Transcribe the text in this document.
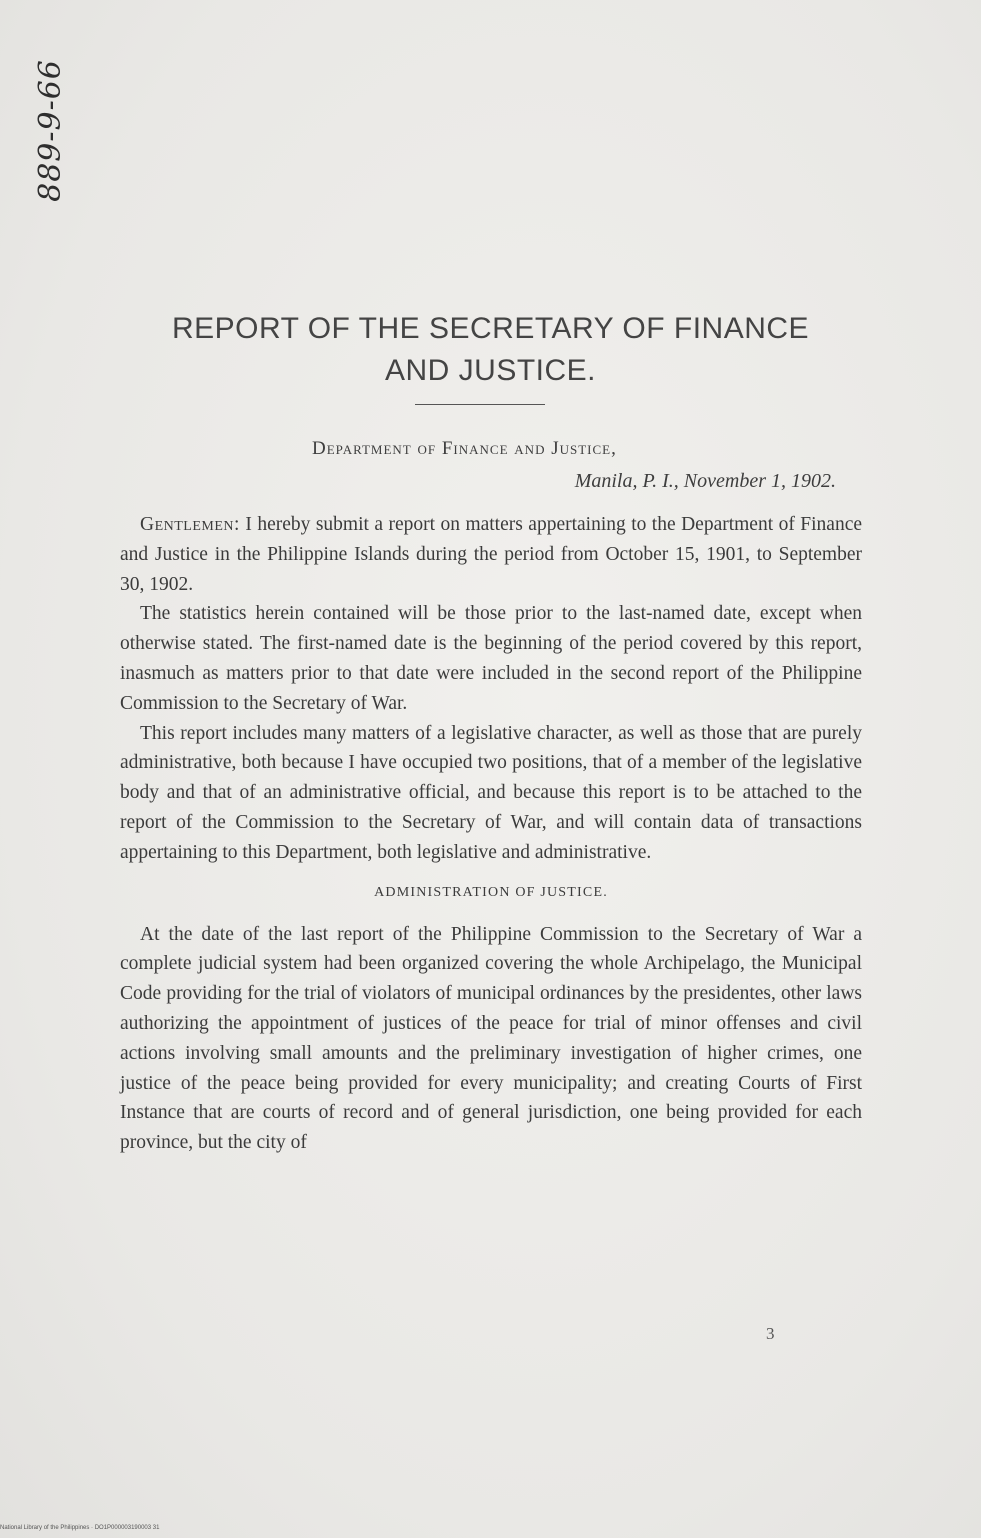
889-9-66
REPORT OF THE SECRETARY OF FINANCE
AND JUSTICE.
Department of Finance and Justice,
Manila, P. I., November 1, 1902.

Gentlemen: I hereby submit a report on matters appertaining to the Department of Finance and Justice in the Philippine Islands during the period from October 15, 1901, to September 30, 1902.

The statistics herein contained will be those prior to the last-named date, except when otherwise stated. The first-named date is the beginning of the period covered by this report, inasmuch as matters prior to that date were included in the second report of the Philippine Commission to the Secretary of War.

This report includes many matters of a legislative character, as well as those that are purely administrative, both because I have occupied two positions, that of a member of the legislative body and that of an administrative official, and because this report is to be attached to the report of the Commission to the Secretary of War, and will contain data of transactions appertaining to this Department, both legislative and administrative.

ADMINISTRATION OF JUSTICE.

At the date of the last report of the Philippine Commission to the Secretary of War a complete judicial system had been organized covering the whole Archipelago, the Municipal Code providing for the trial of violators of municipal ordinances by the presidentes, other laws authorizing the appointment of justices of the peace for trial of minor offenses and civil actions involving small amounts and the preliminary investigation of higher crimes, one justice of the peace being provided for every municipality; and creating Courts of First Instance that are courts of record and of general jurisdiction, one being provided for each province, but the city of

3
National Library of the Philippines · DO1P000003190003 31
